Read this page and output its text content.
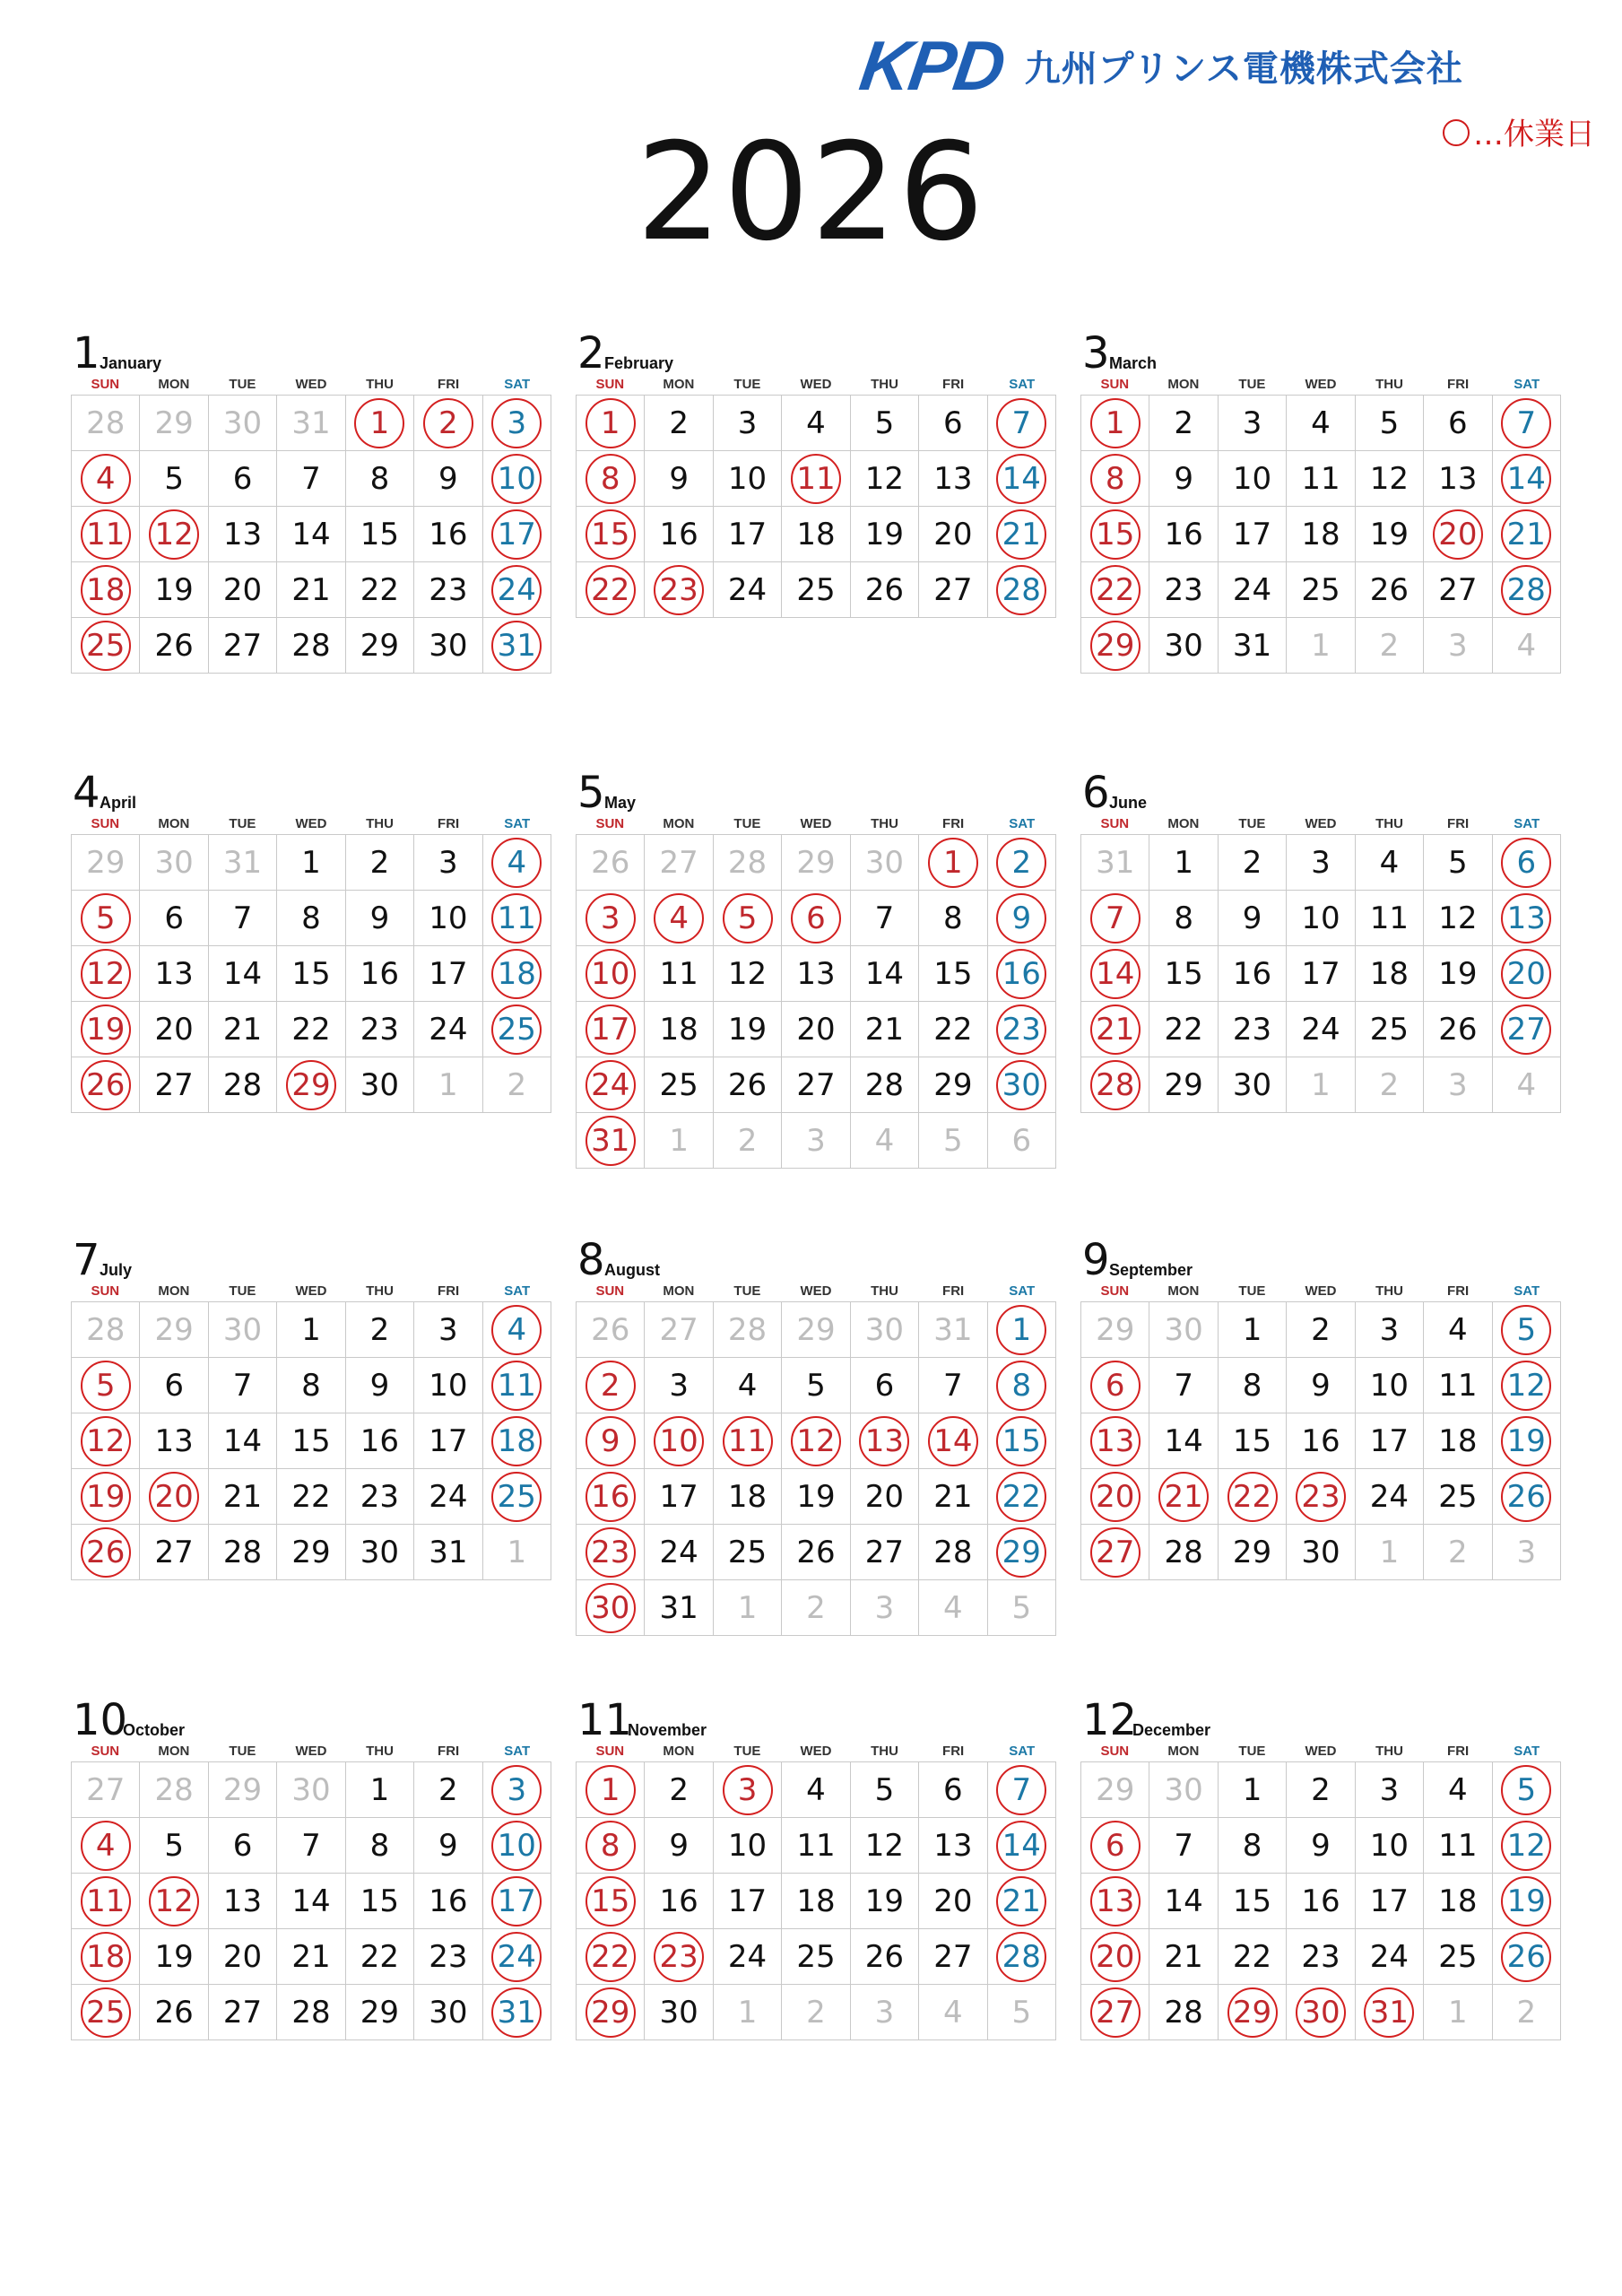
KPD 九州プリンス電機株式会社
…休業日
2026
1 January
SUN	MON	TUE	WED	THU	FRI	SAT
28 29 30 31 1 2 3
4 5 6 7 8 9 10
11 12 13 14 15 16 17
18 19 20 21 22 23 24
25 26 27 28 29 30 31
2 February
SUN	MON	TUE	WED	THU	FRI	SAT
1 2 3 4 5 6 7
8 9 10 11 12 13 14
15 16 17 18 19 20 21
22 23 24 25 26 27 28
3 March
SUN	MON	TUE	WED	THU	FRI	SAT
1 2 3 4 5 6 7
8 9 10 11 12 13 14
15 16 17 18 19 20 21
22 23 24 25 26 27 28
29 30 31 1 2 3 4
4 April
SUN	MON	TUE	WED	THU	FRI	SAT
29 30 31 1 2 3 4
5 6 7 8 9 10 11
12 13 14 15 16 17 18
19 20 21 22 23 24 25
26 27 28 29 30 1 2
5 May
SUN	MON	TUE	WED	THU	FRI	SAT
26 27 28 29 30 1 2
3 4 5 6 7 8 9
10 11 12 13 14 15 16
17 18 19 20 21 22 23
24 25 26 27 28 29 30
31 1 2 3 4 5 6
6 June
SUN	MON	TUE	WED	THU	FRI	SAT
31 1 2 3 4 5 6
7 8 9 10 11 12 13
14 15 16 17 18 19 20
21 22 23 24 25 26 27
28 29 30 1 2 3 4
7 July
SUN	MON	TUE	WED	THU	FRI	SAT
28 29 30 1 2 3 4
5 6 7 8 9 10 11
12 13 14 15 16 17 18
19 20 21 22 23 24 25
26 27 28 29 30 31 1
8 August
SUN	MON	TUE	WED	THU	FRI	SAT
26 27 28 29 30 31 1
2 3 4 5 6 7 8
9 10 11 12 13 14 15
16 17 18 19 20 21 22
23 24 25 26 27 28 29
30 31 1 2 3 4 5
9 September
SUN	MON	TUE	WED	THU	FRI	SAT
29 30 1 2 3 4 5
6 7 8 9 10 11 12
13 14 15 16 17 18 19
20 21 22 23 24 25 26
27 28 29 30 1 2 3
10
October
SUN	MON	TUE	WED	THU	FRI	SAT
27 28 29 30 1 2 3
4 5 6 7 8 9 10
11 12 13 14 15 16 17
18 19 20 21 22 23 24
25 26 27 28 29 30 31
11
November
SUN	MON	TUE	WED	THU	FRI	SAT
1 2 3 4 5 6 7
8 9 10 11 12 13 14
15 16 17 18 19 20 21
22 23 24 25 26 27 28
29 30 1 2 3 4 5
12
December
SUN	MON	TUE	WED	THU	FRI	SAT
29 30 1 2 3 4 5
6 7 8 9 10 11 12
13 14 15 16 17 18 19
20 21 22 23 24 25 26
27 28 29 30 31 1 2
